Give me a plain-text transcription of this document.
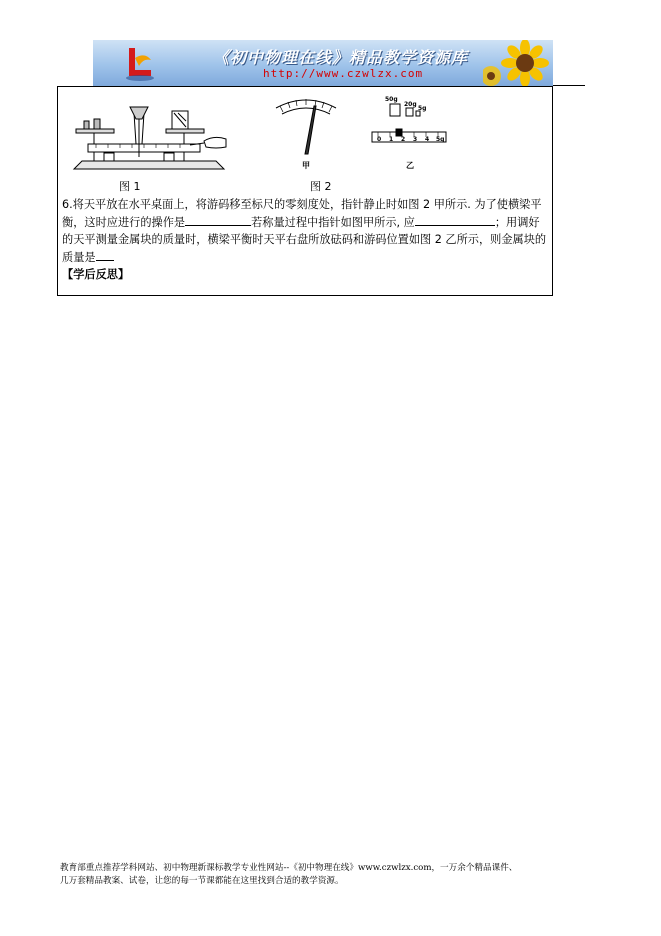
《初中物理在线》精品教学资源库
http://www.czwlzx.com
图 1
甲
50g
20g
5g
0 1 2 3 4 5g
乙
图 2
6.将天平放在水平桌面上，将游码移至标尺的零刻度处，指针静止时如图 2 甲所示. 为了使横梁平衡，这时应进行的操作是	若称量过程中指针如图甲所示, 应	；用调好的天平测量金属块的质量时，横梁平衡时天平右盘所放砝码和游码位置如图 2 乙所示，则金属块的质量是
【学后反思】
教育部重点推荐学科网站、初中物理新课标教学专业性网站--《初中物理在线》www.czwlzx.com，一万余个精品课件、
几万套精品教案、试卷，让您的每一节课都能在这里找到合适的教学资源。
